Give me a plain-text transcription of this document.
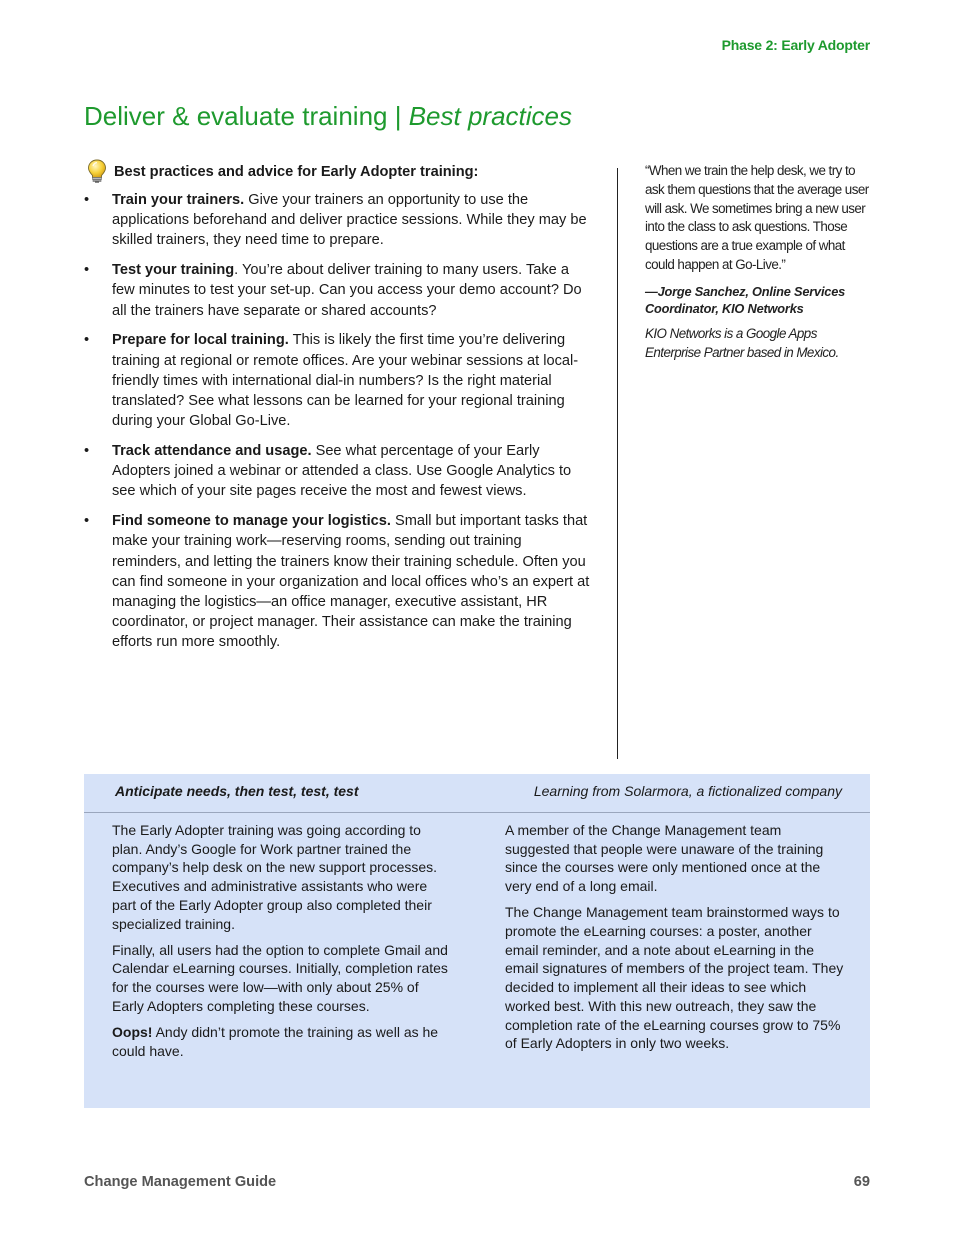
Phase 2: Early Adopter
Deliver & evaluate training | Best practices
Best practices and advice for Early Adopter training:
•	Train your trainers. Give your trainers an opportunity to use the applications beforehand and deliver practice sessions. While they may be skilled trainers, they need time to prepare.
•	Test your training. You’re about deliver training to many users. Take a few minutes to test your set-up. Can you access your demo account? Do all the trainers have separate or shared accounts?
•	Prepare for local training. This is likely the first time you’re delivering training at regional or remote offices. Are your webinar sessions at local-friendly times with international dial-in numbers? Is the right material translated? See what lessons can be learned for your regional training during your Global Go-Live.
•	Track attendance and usage. See what percentage of your Early Adopters joined a webinar or attended a class. Use Google Analytics to see which of your site pages receive the most and fewest views.
•	Find someone to manage your logistics. Small but important tasks that make your training work—reserving rooms, sending out training reminders, and letting the trainers know their training schedule. Often you can find someone in your organization and local offices who’s an expert at managing the logistics—an office manager, executive assistant, HR coordinator, or project manager. Their assistance can make the training efforts run more smoothly.

“When we train the help desk, we try to ask them questions that the average user will ask. We sometimes bring a new user into the class to ask questions. Those questions are a true example of what could happen at Go-Live.”

—Jorge Sanchez, Online Services Coordinator, KIO Networks

KIO Networks is a Google Apps Enterprise Partner based in Mexico.

Anticipate needs, then test, test, test	Learning from Solarmora, a fictionalized company

The Early Adopter training was going according to plan. Andy’s Google for Work partner trained the company’s help desk on the new support processes. Executives and administrative assistants who were part of the Early Adopter group also completed their specialized training.

Finally, all users had the option to complete Gmail and Calendar eLearning courses. Initially, completion rates for the courses were low—with only about 25% of Early Adopters completing these courses.

Oops! Andy didn’t promote the training as well as he could have.

A member of the Change Management team suggested that people were unaware of the training since the courses were only mentioned once at the very end of a long email.

The Change Management team brainstormed ways to promote the eLearning courses: a poster, another email reminder, and a note about eLearning in the email signatures of members of the project team. They decided to implement all their ideas to see which worked best. With this new outreach, they saw the completion rate of the eLearning courses grow to 75% of Early Adopters in only two weeks.

Change Management Guide	69
